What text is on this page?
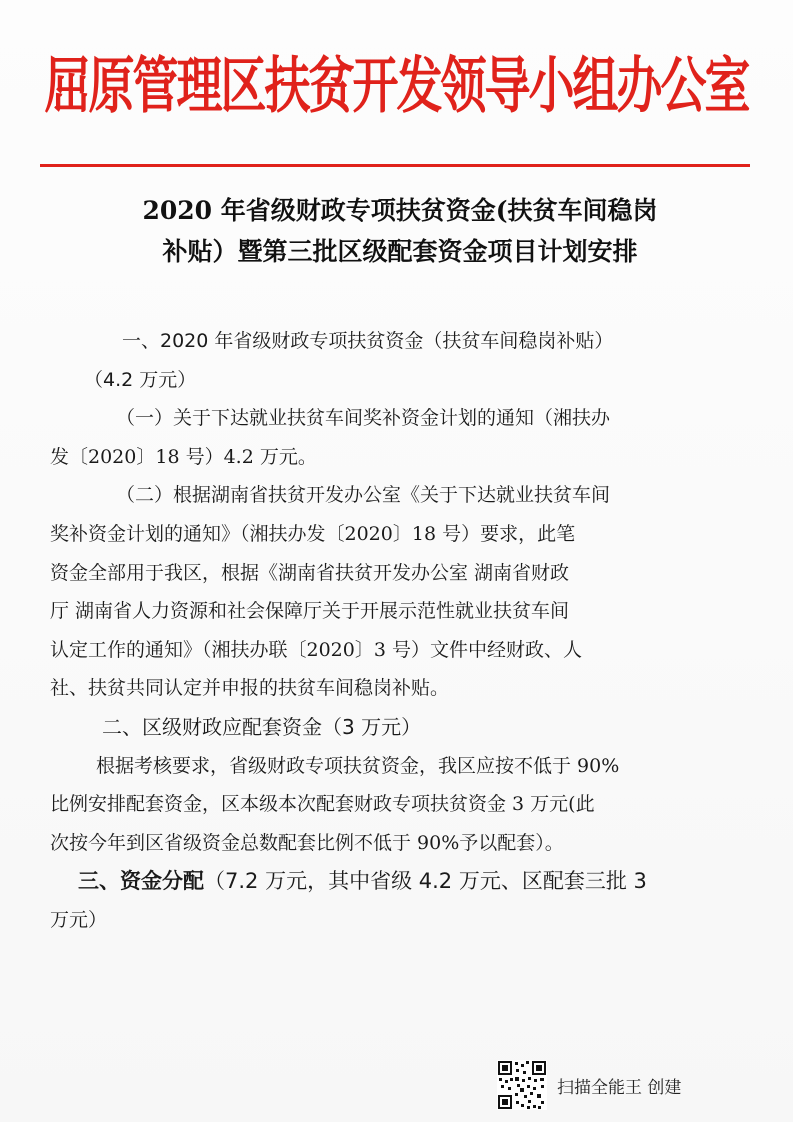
屈原管理区扶贫开发领导小组办公室
2020 年省级财政专项扶贫资金(扶贫车间稳岗
补贴）暨第三批区级配套资金项目计划安排

一、2020 年省级财政专项扶贫资金（扶贫车间稳岗补贴）

（4.2 万元）

（一）关于下达就业扶贫车间奖补资金计划的通知（湘扶办

发〔2020〕18 号）4.2 万元。

（二）根据湖南省扶贫开发办公室《关于下达就业扶贫车间

奖补资金计划的通知》（湘扶办发〔2020〕18 号）要求，此笔

资金全部用于我区，根据《湖南省扶贫开发办公室 湖南省财政

厅 湖南省人力资源和社会保障厅关于开展示范性就业扶贫车间

认定工作的通知》（湘扶办联〔2020〕3 号）文件中经财政、人

社、扶贫共同认定并申报的扶贫车间稳岗补贴。

二、区级财政应配套资金（3 万元）

根据考核要求，省级财政专项扶贫资金，我区应按不低于 90%

比例安排配套资金，区本级本次配套财政专项扶贫资金 3 万元(此

次按今年到区省级资金总数配套比例不低于 90%予以配套）。

三、资金分配（7.2 万元，其中省级 4.2 万元、区配套三批 3

万元）

扫描全能王 创建
